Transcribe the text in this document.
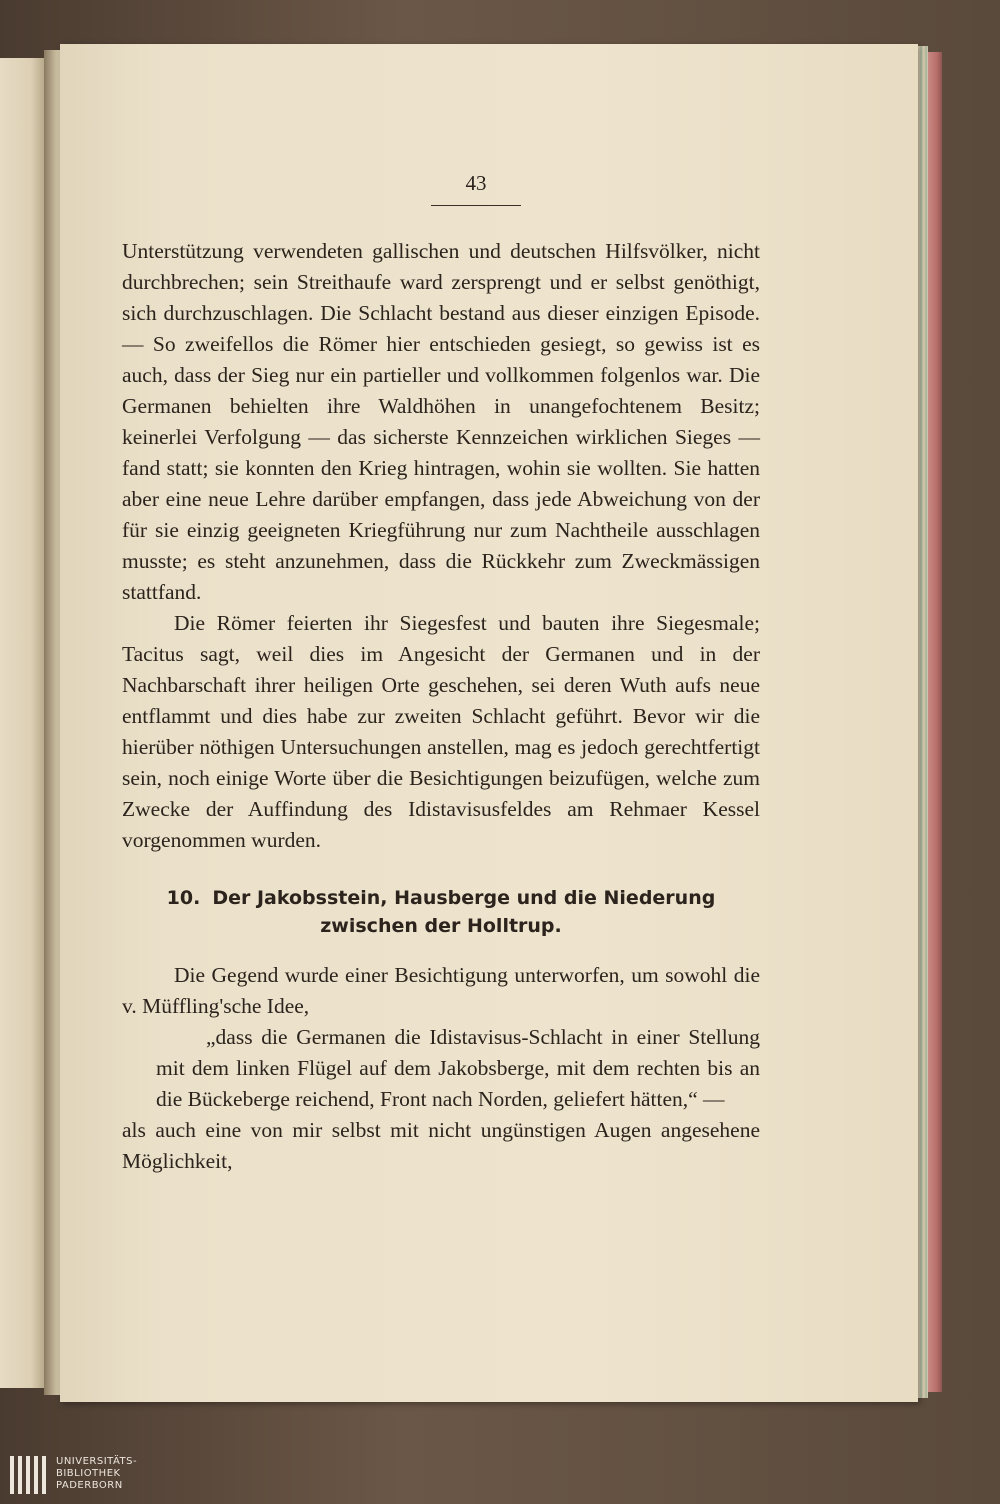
43

Unterstützung verwendeten gallischen und deutschen Hilfsvölker, nicht durchbrechen; sein Streithaufe ward zersprengt und er selbst genöthigt, sich durchzuschlagen. Die Schlacht bestand aus dieser einzigen Episode. — So zweifellos die Römer hier entschieden gesiegt, so gewiss ist es auch, dass der Sieg nur ein partieller und vollkommen folgenlos war. Die Germanen behielten ihre Waldhöhen in unangefochtenem Besitz; keinerlei Verfolgung — das sicherste Kennzeichen wirklichen Sieges — fand statt; sie konnten den Krieg hintragen, wohin sie wollten. Sie hatten aber eine neue Lehre darüber empfangen, dass jede Abweichung von der für sie einzig geeigneten Kriegführung nur zum Nachtheile ausschlagen musste; es steht anzunehmen, dass die Rückkehr zum Zweckmässigen stattfand.

Die Römer feierten ihr Siegesfest und bauten ihre Siegesmale; Tacitus sagt, weil dies im Angesicht der Germanen und in der Nachbarschaft ihrer heiligen Orte geschehen, sei deren Wuth aufs neue entflammt und dies habe zur zweiten Schlacht geführt. Bevor wir die hierüber nöthigen Untersuchungen anstellen, mag es jedoch gerechtfertigt sein, noch einige Worte über die Besichtigungen beizufügen, welche zum Zwecke der Auffindung des Idistavisusfeldes am Rehmaer Kessel vorgenommen wurden.

10. Der Jakobsstein, Hausberge und die Niederung zwischen der Holltrup.

Die Gegend wurde einer Besichtigung unterworfen, um sowohl die v. Müffling'sche Idee,

„dass die Germanen die Idistavisus-Schlacht in einer Stellung mit dem linken Flügel auf dem Jakobsberge, mit dem rechten bis an die Bückeberge reichend, Front nach Norden, geliefert hätten,“ —

als auch eine von mir selbst mit nicht ungünstigen Augen angesehene Möglichkeit,

UNIVERSITÄTS-
BIBLIOTHEK
PADERBORN
